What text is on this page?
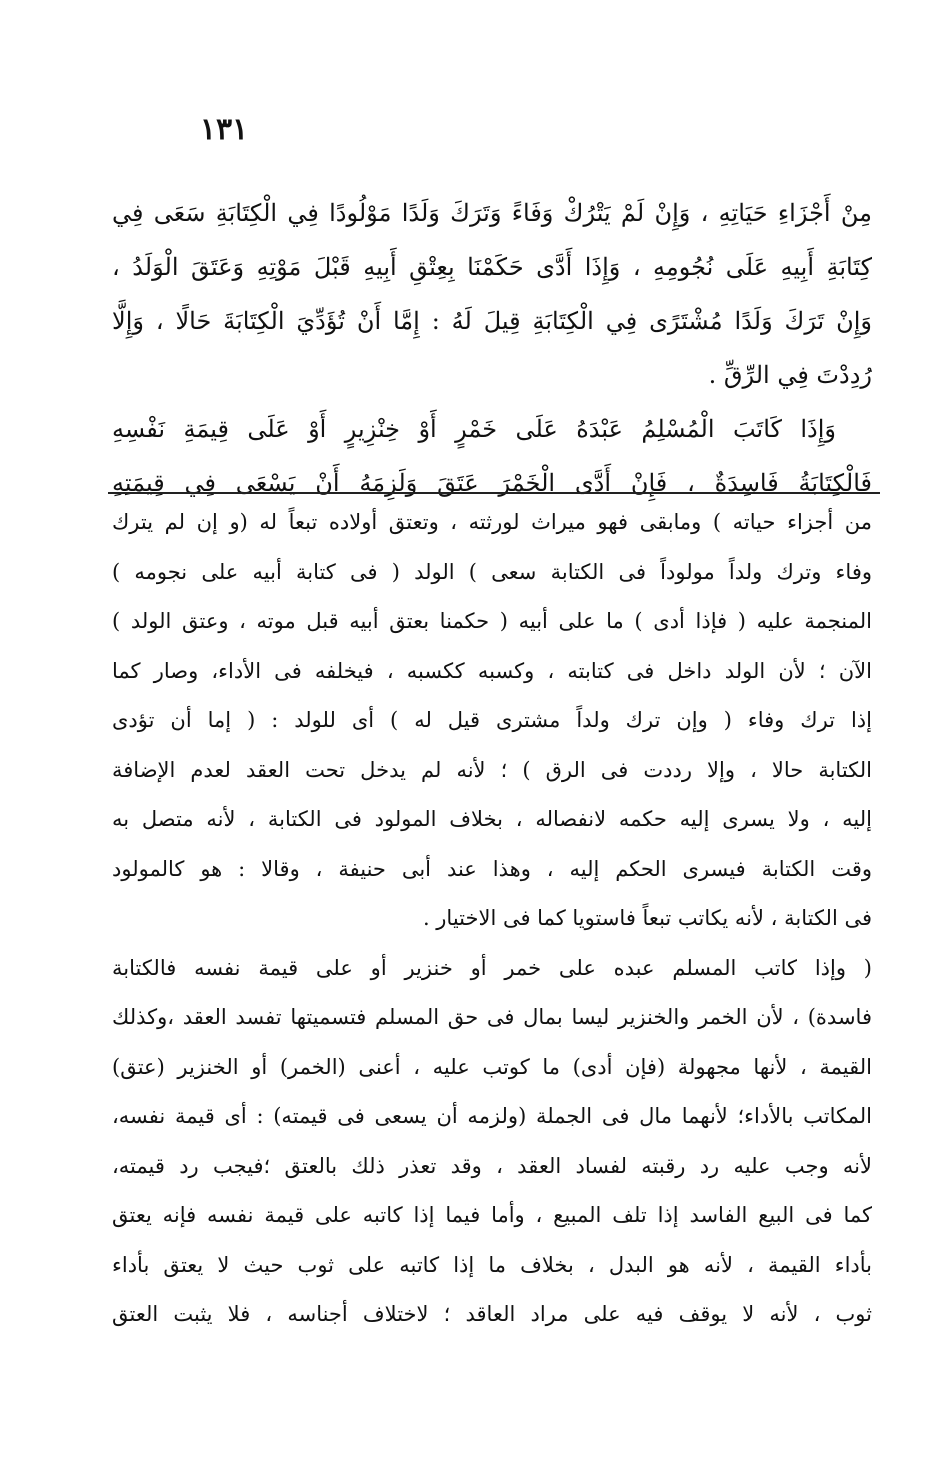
١٣١
مِنْ أَجْزَاءِ حَيَاتِهِ ، وَإِنْ لَمْ يَتْرُكْ وَفَاءً وَتَرَكَ وَلَدًا مَوْلُودًا فِي الْكِتَابَةِ سَعَى فِي
كِتَابَةِ أَبِيهِ عَلَى نُجُومِهِ ، وَإِذَا أَدَّى حَكَمْنَا بِعِتْقِ أَبِيهِ قَبْلَ مَوْتِهِ وَعَتَقَ الْوَلَدُ ،
وَإِنْ تَرَكَ وَلَدًا مُشْتَرًى فِي الْكِتَابَةِ قِيلَ لَهُ : إِمَّا أَنْ تُؤَدِّيَ الْكِتَابَةَ حَالًا ، وَإِلَّا
رُدِدْتَ فِي الرِّقِّ .
وَإِذَا كَاتَبَ الْمُسْلِمُ عَبْدَهُ عَلَى خَمْرٍ أَوْ خِنْزِيرٍ أَوْ عَلَى قِيمَةِ نَفْسِهِ
فَالْكِتَابَةُ فَاسِدَةٌ ، فَإِنْ أَدَّى الْخَمْرَ عَتَقَ وَلَزِمَهُ أَنْ يَسْعَى فِي قِيمَتِهِ
من أجزاء حياته ) ومابقى فهو ميراث لورثته ، وتعتق أولاده تبعاً له (و إن لم يترك
وفاء وترك ولداً مولوداً فى الكتابة سعى ) الولد ( فى كتابة أبيه على نجومه )
المنجمة عليه ( فإذا أدى ) ما على أبيه ( حكمنا بعتق أبيه قبل موته ، وعتق الولد )
الآن ؛ لأن الولد داخل فى كتابته ، وكسبه ككسبه ، فيخلفه فى الأداء، وصار كما
إذا ترك وفاء ( وإن ترك ولداً مشترى قيل له ) أى للولد : ( إما أن تؤدى
الكتابة حالا ، وإلا رددت فى الرق ) ؛ لأنه لم يدخل تحت العقد لعدم الإضافة
إليه ، ولا يسرى إليه حكمه لانفصاله ، بخلاف المولود فى الكتابة ، لأنه متصل به
وقت الكتابة فيسرى الحكم إليه ، وهذا عند أبى حنيفة ، وقالا : هو كالمولود
فى الكتابة ، لأنه يكاتب تبعاً فاستويا كما فى الاختيار .
( وإذا كاتب المسلم عبده على خمر أو خنزير أو على قيمة نفسه فالكتابة
فاسدة) ، لأن الخمر والخنزير ليسا بمال فى حق المسلم فتسميتها تفسد العقد ،وكذلك
القيمة ، لأنها مجهولة (فإن أدى) ما كوتب عليه ، أعنى (الخمر) أو الخنزير (عتق)
المكاتب بالأداء؛ لأنهما مال فى الجملة (ولزمه أن يسعى فى قيمته) : أى قيمة نفسه،
لأنه وجب عليه رد رقبته لفساد العقد ، وقد تعذر ذلك بالعتق ؛فيجب رد قيمته،
كما فى البيع الفاسد إذا تلف المبيع ، وأما فيما إذا كاتبه على قيمة نفسه فإنه يعتق
بأداء القيمة ، لأنه هو البدل ، بخلاف ما إذا كاتبه على ثوب حيث لا يعتق بأداء
ثوب ، لأنه لا يوقف فيه على مراد العاقد ؛ لاختلاف أجناسه ، فلا يثبت العتق
